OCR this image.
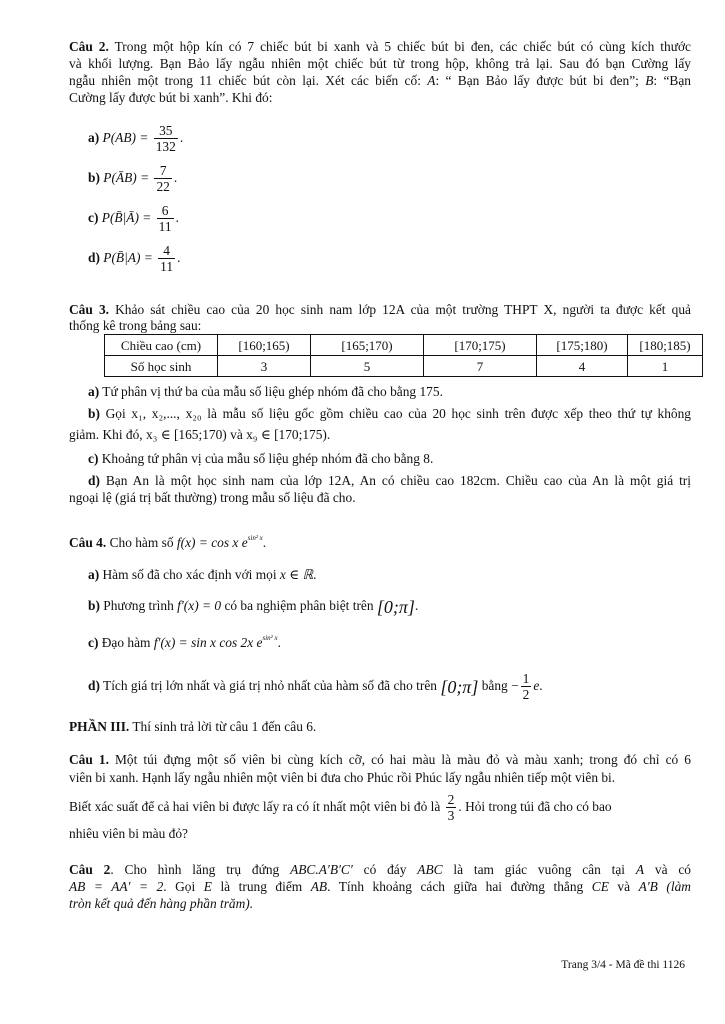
Câu 2. Trong một hộp kín có 7 chiếc bút bi xanh và 5 chiếc bút bi đen, các chiếc bút có cùng kích thước
và khối lượng. Bạn Bảo lấy ngẫu nhiên một chiếc bút từ trong hộp, không trả lại. Sau đó bạn Cường lấy
ngẫu nhiên một trong 11 chiếc bút còn lại. Xét các biến cố: A: “ Bạn Bảo lấy được bút bi đen”; B: “Bạn
Cường lấy được bút bi xanh”. Khi đó:
a) $P(AB) = \frac{35}{132}$ .
b) P(ĀB) = $\frac{7}{22}$ .
c) P(B̄|Ā) = $\frac{6}{11}$ .
d) P(B̄|A) = $\frac{4}{11}$ .
Câu 3. Khảo sát chiều cao của 20 học sinh nam lớp 12A của một trường THPT X, người ta được kết quả
thống kê trong bảng sau:
Chiều cao (cm)	[160;165)	[165;170)	[170;175)	[175;180)	[180;185)
Số học sinh	3	5	7	4	1
a) Tứ phân vị thứ ba của mẫu số liệu ghép nhóm đã cho bằng 175.
b) Gọi x₁, x₂,..., x₂₀ là mẫu số liệu gốc gồm chiều cao của 20 học sinh trên được xếp theo thứ tự không
giảm. Khi đó, x₃ ∈ [165;170) và x₉ ∈ [170;175).
c) Khoảng tứ phân vị của mẫu số liệu ghép nhóm đã cho bằng 8.
d) Bạn An là một học sinh nam của lớp 12A, An có chiều cao 182cm. Chiều cao của An là một giá trị
ngoại lệ (giá trị bất thường) trong mẫu số liệu đã cho.
Câu 4. Cho hàm số f(x) = cos x $e^{sin^2 x}$.
a) Hàm số đã cho xác định với mọi x ∈ ℝ.
b) Phương trình f′(x) = 0 có ba nghiệm phân biệt trên [0;π].
c) Đạo hàm f′(x) = sin x cos 2x $e^{sin^2 x}$.
d) Tích giá trị lớn nhất và giá trị nhỏ nhất của hàm số đã cho trên [0;π] bằng − $\frac{1}{2} e$.
PHẦN III. Thí sinh trả lời từ câu 1 đến câu 6.
Câu 1. Một túi đựng một số viên bi cùng kích cỡ, có hai màu là màu đỏ và màu xanh; trong đó chỉ có 6
viên bi xanh. Hạnh lấy ngẫu nhiên một viên bi đưa cho Phúc rồi Phúc lấy ngẫu nhiên tiếp một viên bi.
Biết xác suất để cả hai viên bi được lấy ra có ít nhất một viên bi đỏ là $\frac{2}{3}$ . Hỏi trong túi đã cho có bao
nhiêu viên bi màu đỏ?
Câu 2. Cho hình lăng trụ đứng ABC.A′B′C′ có đáy ABC là tam giác vuông cân tại A và có
AB = AA′ = 2. Gọi E là trung điểm AB. Tính khoảng cách giữa hai đường thẳng CE và A′B (làm
tròn kết quả đến hàng phần trăm).
Trang 3/4 - Mã đề thi 1126
